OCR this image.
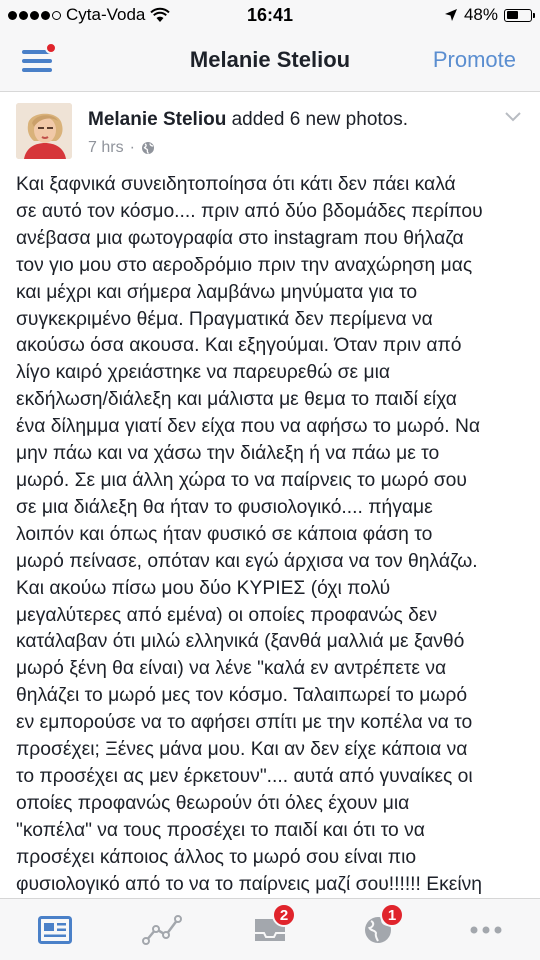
Cyta-Voda	16:41	48%
Melanie Steliou	Promote
Melanie Steliou added 6 new photos.
7 hrs ·
Και ξαφνικά συνειδητοποίησα ότι κάτι δεν πάει καλά
σε αυτό τον κόσμο.... πριν από δύο βδομάδες περίπου
ανέβασα μια φωτογραφία στο instagram που θήλαζα
τον γιο μου στο αεροδρόμιο πριν την αναχώρηση μας
και μέχρι και σήμερα λαμβάνω μηνύματα για το
συγκεκριμένο θέμα. Πραγματικά δεν περίμενα να
ακούσω όσα ακουσα. Και εξηγούμαι. Όταν πριν από
λίγο καιρό χρειάστηκε να παρευρεθώ σε μια
εκδήλωση/διάλεξη και μάλιστα με θεμα το παιδί είχα
ένα δίλημμα γιατί δεν είχα που να αφήσω το μωρό. Να
μην πάω και να χάσω την διάλεξη ή να πάω με το
μωρό. Σε μια άλλη χώρα το να παίρνεις το μωρό σου
σε μια διάλεξη θα ήταν το φυσιολογικό.... πήγαμε
λοιπόν και όπως ήταν φυσικό σε κάποια φάση το
μωρό πείνασε, οπόταν και εγώ άρχισα να τον θηλάζω.
Και ακούω πίσω μου δύο ΚΥΡΙΕΣ (όχι πολύ
μεγαλύτερες από εμένα) οι οποίες προφανώς δεν
κατάλαβαν ότι μιλώ ελληνικά (ξανθά μαλλιά με ξανθό
μωρό ξένη θα είναι) να λένε "καλά εν αντρέπετε να
θηλάζει το μωρό μες τον κόσμο. Ταλαιπωρεί το μωρό
εν εμπορούσε να το αφήσει σπίτι με την κοπέλα να το
προσέχει; Ξένες μάνα μου. Και αν δεν είχε κάποια να
το προσέχει ας μεν έρκετουν".... αυτά από γυναίκες οι
οποίες προφανώς θεωρούν ότι όλες έχουν μια
"κοπέλα" να τους προσέχει το παιδί και ότι το να
προσέχει κάποιος άλλος το μωρό σου είναι πιο
φυσιολογικό από το να το παίρνεις μαζί σου!!!!!! Εκείνη
2	1
